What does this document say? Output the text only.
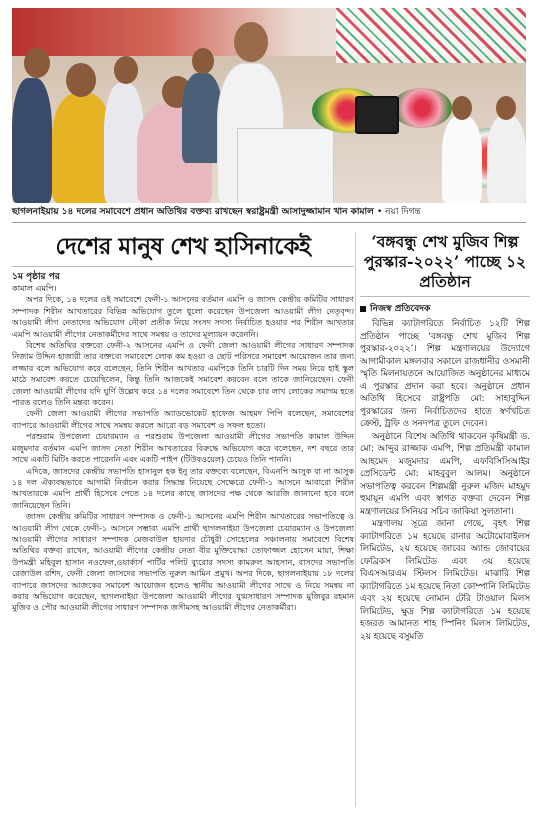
ছাগলনাইয়ায় ১৪ দলের সমাবেশে প্রধান অতিথির বক্তব্য রাখছেন স্বরাষ্ট্রমন্ত্রী আসাদুজ্জামান খান কামাল • নয়া দিগন্ত
দেশের মানুষ শেখ হাসিনাকেই
১ম পৃষ্ঠার পর

কামাল এমপি।

অপর দিকে, ১৪ দলের ওই সমাবেশে ফেনী-১ আসনের বর্তমান এমপি ও জাসদ কেন্দ্রীয় কমিটির সাধারণ সম্পাদক শিরীন আখতারের বিভিন্ন অভিযোগ তুলে ধুলো করেছেন উপজেলা আওয়ামী লীগ নেতৃবৃন্দ। আওয়ামী লীগ নেতাদের অভিযোগ নৌকা প্রতীক নিয়ে সংসদ সদস্য নির্বাচিত হওয়ার পর শিরীন আখতার এমপি আওয়ামী লীগের নেতাকর্মীদের সাথে সমন্বয় ও তাদের মূল্যায়ন করেননি।

বিশেষ অতিথির বক্তব্যে ফেনী-২ আসনের এমপি ও ফেনী জেলা আওয়ামী লীগের সাধারণ সম্পাদক নিজাম উদ্দিন হাজারী তার বক্তব্যে সমাবেশে লোক কম হওয়া ও ছোট পরিসরে সমাবেশ আয়োজন তার জন্য লজ্জার বলে অভিযোগ করে বলেছেন, তিনি শিরীন আখতার এমপিকে তিনি চারটি দিন সময় নিয়ে হাই স্কুল মাঠে সমাবেশ করতে চেয়েছিলেন, কিন্তু তিনি আজকেই সমাবেশ করবেন বলে তাকে জানিয়েছেন। ফেনী জেলা আওয়ামী লীগের যদি ঘুর্ণি উল্লেখ করে ১৪ দলের সমাবেশে তিন থেকে চার লাখ লোকের সমাগম হতে পারত বলেও তিনি মন্তব্য করেন।

ফেনী জেলা আওয়ামী লীগের সভাপতি অ্যাডভোকেট হাফেজ আহমদ পিপি বলেছেন, সমাবেশের ব্যাপারে আওয়ামী লীগের সাথে সমন্বয় করলে আরো বড় সমাবেশ ও সফল হতো।

পরশুরাম উপজেলা চেয়ারম্যান ও পরশুরাম উপজেলা আওয়ামী লীগের সভাপতি কামাল উদ্দিন মজুমদার বর্তমান এমপি জাসদ নেতা শিরীন আখতারের বিরুদ্ধে অভিযোগ করে বলেছেন, দশ বছরে তার সাথে একটি মিটিং করতে পারেননি এবং একটি পাইপ (টিউবওয়েল) চেয়েও তিনি পাননি।

এদিকে, জাসদের কেন্দ্রীয় সভাপতি হাসানুল হক ইনু তার বক্তব্যে বলেছেন, বিএনপি আসুক বা না আসুক ১৪ দল ঐক্যবদ্ধভাবে আগামী নির্বাচন করার সিদ্ধান্ত নিয়েছে সেক্ষেত্রে ফেনী-১ আসনে আবারো শিরীন আখতারকে এমপি প্রার্থী হিসেবে পেতে ১৪ দলের কাছে জাসদের পক্ষ থেকে আরজি জানানো হবে বলে জানিয়েছেন তিনি।

জাসদ কেন্দ্রীয় কমিটির সাধারণ সম্পাদক ও ফেনী-১ আসনের এমপি শিরীন আখতারের সভাপতিত্বে ও আওয়ামী লীগ থেকে ফেনী-১ আসনে সম্ভাব্য এমপি প্রার্থী ছাগলনাইয়া উপজেলা চেয়ারম্যান ও উপজেলা আওয়ামী লীগের সাধারণ সম্পাদক মেজবাউল হায়দার চৌধুরী সোহেলের সঞ্চালনায় সমাবেশে বিশেষ অতিথির বক্তব্য রাখেন, আওয়ামী লীগের কেন্দ্রীয় নেতা বীর মুক্তিযোদ্ধা তোফাজ্জল হোসেন মায়া, শিক্ষা উপমন্ত্রী মহিবুল হাসান নওফেল,ওয়ার্কার্স পার্টির পলিট ব্যুরোর সদস্য কামরুল আহসান, বাসদের সভাপতি রেজাউল রশিদ, ফেনী জেলা জাসদের সভাপতি নুরুল আমিন প্রমুখ। অপর দিকে, ছাগলনাইয়ায় ১৮ দলের ব্যাপারে জাসদের আজকের সমাবেশ আয়োজন হলেও স্থানীয় আওয়ামী লীগের সাথে ও নিয়ে সমন্বয় না করার অভিযোগ করেছেন, ছাগলনাইয়া উপজেলা আওয়ামী লীগের যুগ্মসাধারণ সম্পাদক মুজিবুর রহমান মুজিব ও পৌর আওয়ামী লীগের সাধারণ সম্পাদক জসীমসহ আওয়ামী লীগের নেতাকর্মীরা।

‘বঙ্গবন্ধু শেখ মুজিব শিল্প পুরস্কার-২০২২’ পাচ্ছে ১২ প্রতিষ্ঠান
নিজস্ব প্রতিবেদক

বিভিন্ন ক্যাটাগরিতে নির্বাচিত ১২টি শিল্প প্রতিষ্ঠান পাচ্ছে ‘বঙ্গবন্ধু শেখ মুজিব শিল্প পুরস্কার-২০২২’। শিল্প মন্ত্রণালয়ের উদ্যোগে আগামীকাল মঙ্গলবার সকালে রাজধানীর ওসমানী স্মৃতি মিলনায়তনে আয়োজিত অনুষ্ঠানের মাধ্যমে এ পুরস্কার প্রদান করা হবে। অনুষ্ঠানে প্রধান অতিথি হিসেবে রাষ্ট্রপতি মো: সাহাবুদ্দিন পুরস্কারের জন্য নির্বাচিতদের হাতে স্বর্ণখচিত ক্রেস্ট, ট্রফি ও সনদপত্র তুলে দেবেন।

অনুষ্ঠানে বিশেষ অতিথি থাকবেন কৃষিমন্ত্রী ড. মো: আব্দুর রাজ্জাক এমপি, শিল্প প্রতিমন্ত্রী কামাল আহমেদ মজুমদার এমপি, এফবিসিসিআইর প্রেসিডেন্ট মো: মাহবুবুল আলম। অনুষ্ঠানে সভাপতিত্ব করবেন শিল্পমন্ত্রী নুরুল মজিদ মাহমুদ হুমায়ূন এমপি এবং স্বাগত বক্তব্য দেবেন শিল্প মন্ত্রণালয়ের সিনিয়র সচিব জাকিয়া সুলতানা।

মন্ত্রণালয় সূত্রে জানা গেছে, বৃহৎ শিল্প ক্যাটাগরিতে ১ম হয়েছে রানার অটোমোবাইলস লিমিটেড, ২য় হয়েছে জাবের অ্যান্ড জোবায়ের ফেব্রিকস লিমিটেড এবং ৩য় হয়েছে বিএসআরএম স্টিলস লিমিটেড। মাঝারি শিল্প ক্যাটাগরিতে ১ম হয়েছে নিতা কোম্পানি লিমিটেড এবং ২য় হয়েছে নোমান টেরি টাওয়াল মিলস লিমিটেড, ক্ষুদ্র শিল্প ক্যাটাগরিতে ১ম হয়েছে হজরত আমানত শাহ স্পিনিং মিলস লিমিটেড, ২য় হয়েছে বসুমতি
